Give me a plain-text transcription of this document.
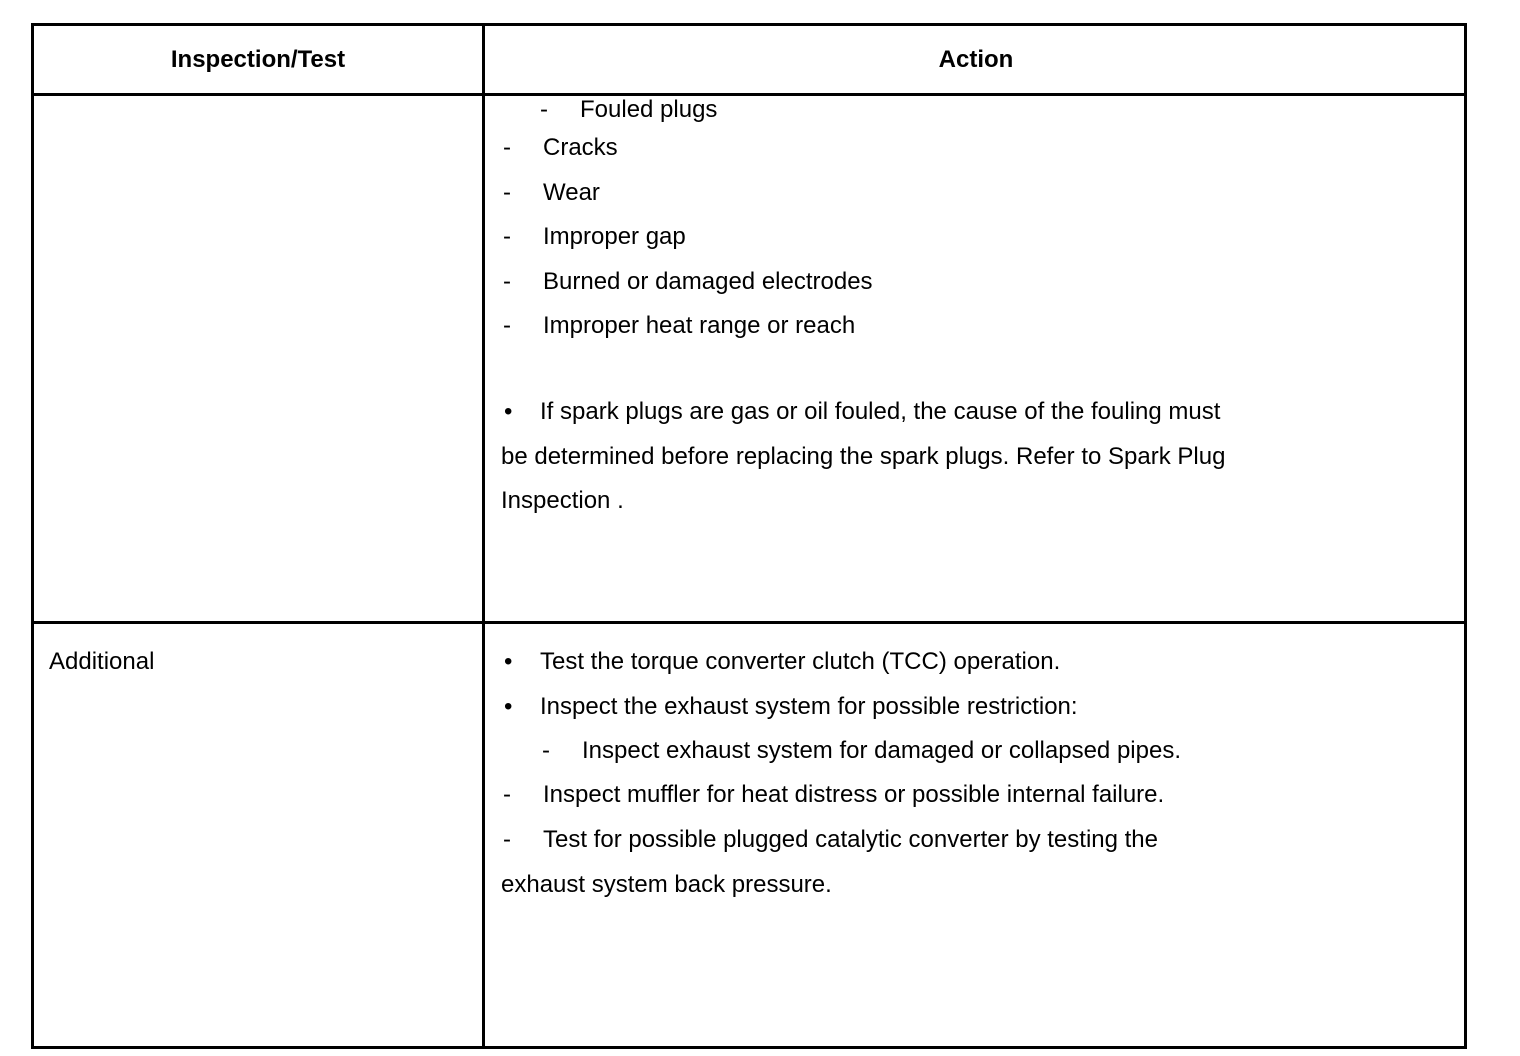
Inspection/Test	Action
- Fouled plugs
- Cracks
- Wear
- Improper gap
- Burned or damaged electrodes
- Improper heat range or reach
• If spark plugs are gas or oil fouled, the cause of the fouling must
be determined before replacing the spark plugs. Refer to Spark Plug
Inspection .
Additional	• Test the torque converter clutch (TCC) operation.
• Inspect the exhaust system for possible restriction:
- Inspect exhaust system for damaged or collapsed pipes.
- Inspect muffler for heat distress or possible internal failure.
- Test for possible plugged catalytic converter by testing the
exhaust system back pressure.
